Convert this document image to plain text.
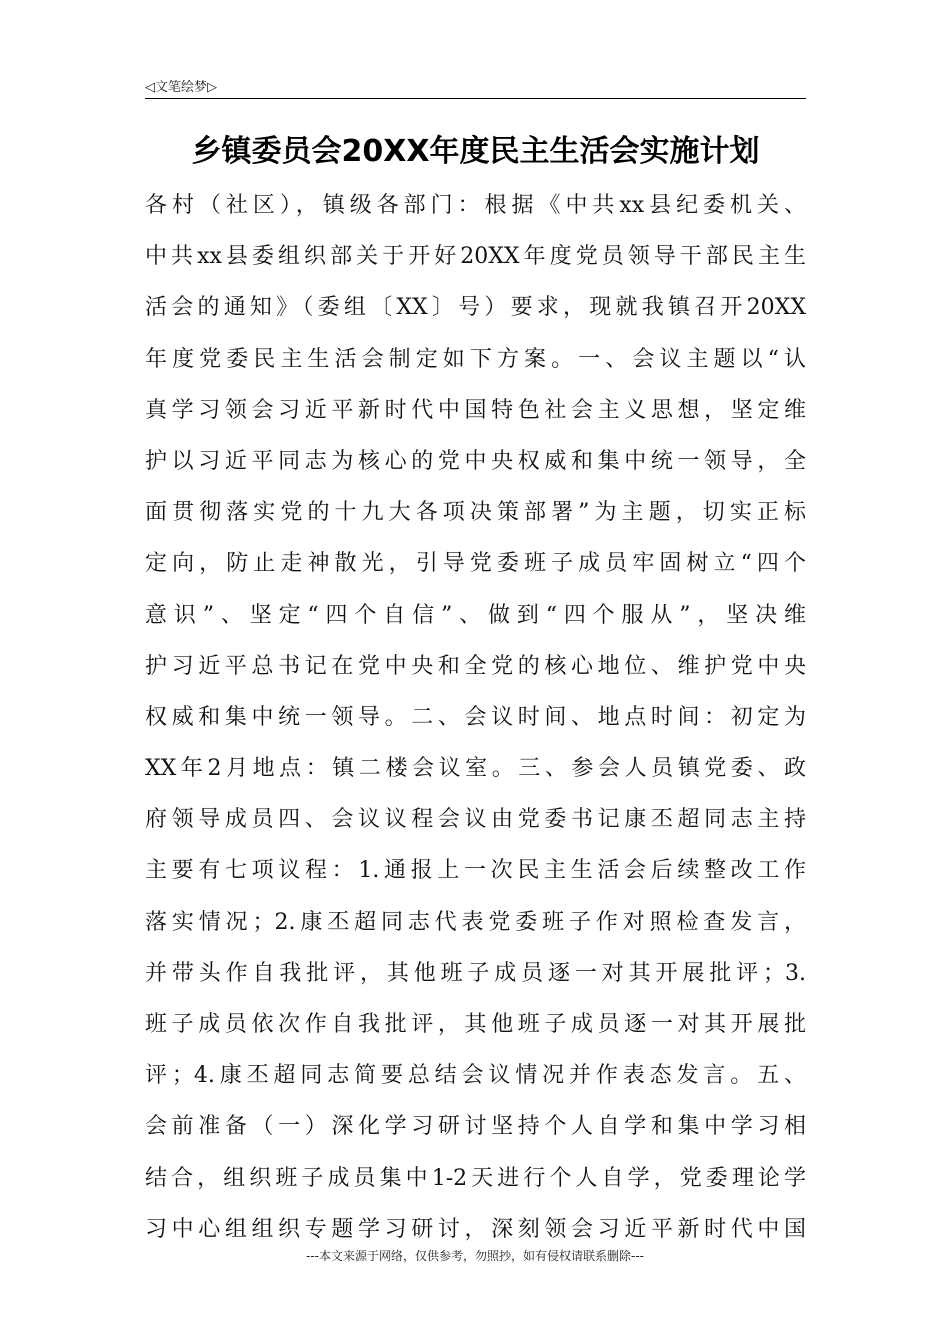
◁文笔绘梦▷
乡镇委员会20XX年度民主生活会实施计划
各村（社区），镇级各部门：根据《中共xx县纪委机关、
中共xx县委组织部关于开好20XX年度党员领导干部民主生
活会的通知》（委组〔XX〕号）要求，现就我镇召开20XX
年度党委民主生活会制定如下方案。一、会议主题以“认
真学习领会习近平新时代中国特色社会主义思想，坚定维
护以习近平同志为核心的党中央权威和集中统一领导，全
面贯彻落实党的十九大各项决策部署”为主题，切实正标
定向，防止走神散光，引导党委班子成员牢固树立“四个
意识”、坚定“四个自信”、做到“四个服从”，坚决维
护习近平总书记在党中央和全党的核心地位、维护党中央
权威和集中统一领导。二、会议时间、地点时间：初定为
XX年2月地点：镇二楼会议室。三、参会人员镇党委、政
府领导成员四、会议议程会议由党委书记康丕超同志主持
主要有七项议程：1.通报上一次民主生活会后续整改工作
落实情况；2.康丕超同志代表党委班子作对照检查发言，
并带头作自我批评，其他班子成员逐一对其开展批评；3.
班子成员依次作自我批评，其他班子成员逐一对其开展批
评；4.康丕超同志简要总结会议情况并作表态发言。五、
会前准备（一）深化学习研讨坚持个人自学和集中学习相
结合，组织班子成员集中1-2天进行个人自学，党委理论学
习中心组组织专题学习研讨，深刻领会习近平新时代中国
---本文来源于网络，仅供参考，勿照抄，如有侵权请联系删除---
